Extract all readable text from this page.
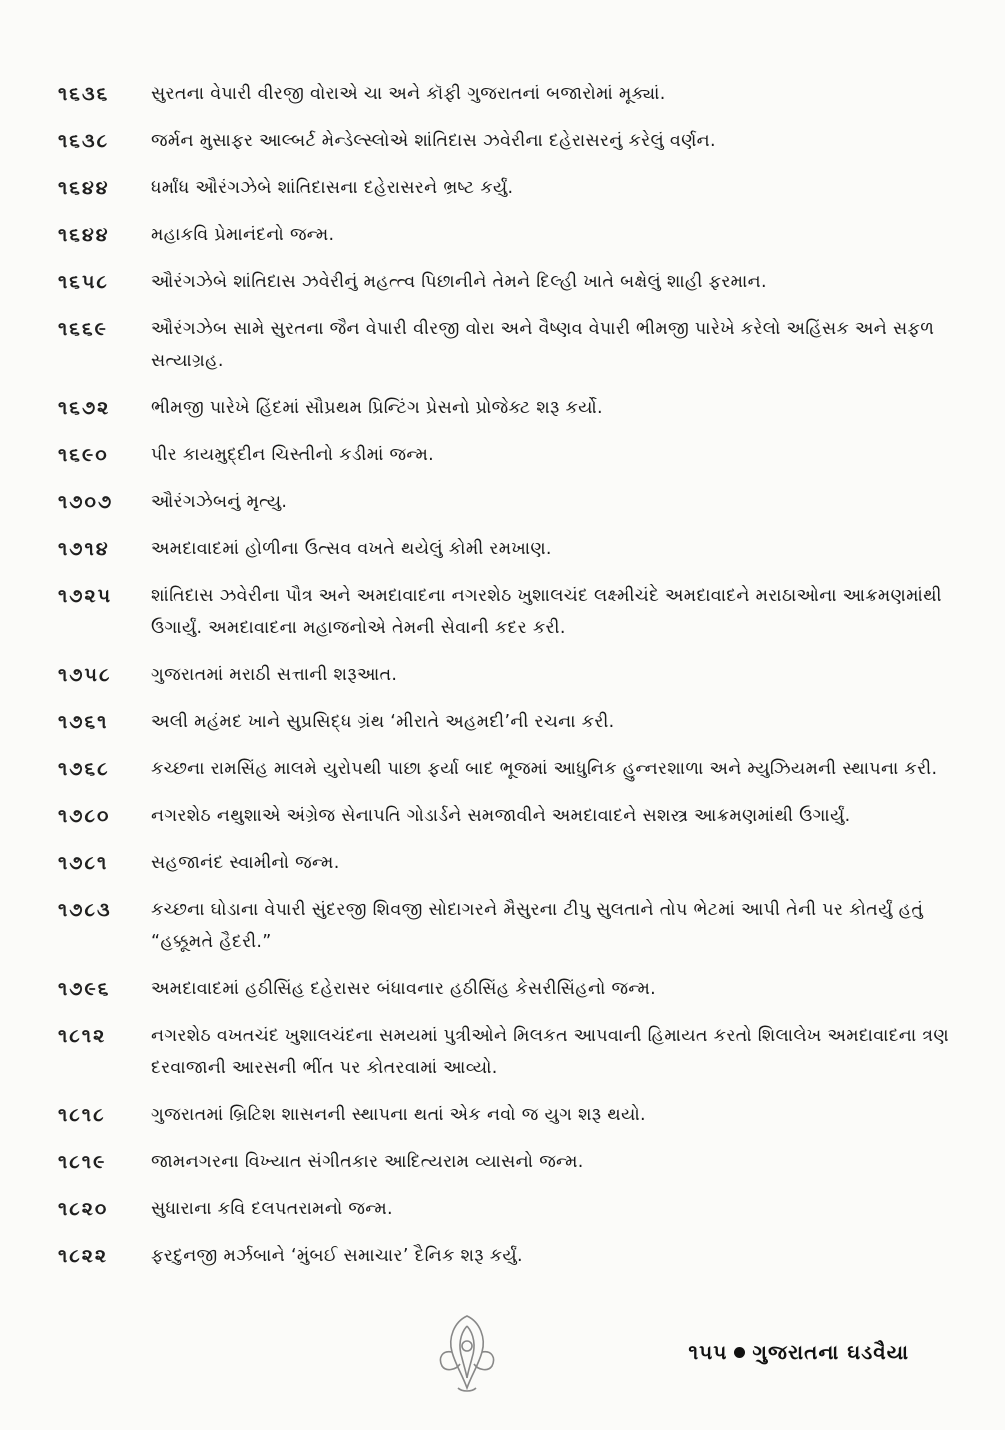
૧૬૩૬	સુરતના વેપારી વીરજી વોરાએ ચા અને કૉફી ગુજરાતનાં બજારોમાં મૂક્યાં.
૧૬૩૮	જર્મન મુસાફર આલ્બર્ટ મેન્ડેલ્સ્લોએ શાંતિદાસ ઝવેરીના દહેરાસરનું કરેલું વર્ણન.
૧૬૪૪	ધર્માંધ ઔરંગઝેબે શાંતિદાસના દહેરાસરને ભ્રષ્ટ કર્યું.
૧૬૪૪	મહાકવિ પ્રેમાનંદનો જન્મ.
૧૬૫૮	ઔરંગઝેબે શાંતિદાસ ઝવેરીનું મહત્ત્વ પિછાનીને તેમને દિલ્હી ખાતે બક્ષેલું શાહી ફરમાન.
૧૬૬૯	ઔરંગઝેબ સામે સુરતના જૈન વેપારી વીરજી વોરા અને વૈષ્ણવ વેપારી ભીમજી પારેખે કરેલો અહિંસક અને સફળ સત્યાગ્રહ.
૧૬૭૨	ભીમજી પારેખે હિંદમાં સૌપ્રથમ પ્રિન્ટિંગ પ્રેસનો પ્રોજેક્ટ શરૂ કર્યો.
૧૬૯૦	પીર કાયમુદ્દીન ચિસ્તીનો કડીમાં જન્મ.
૧૭૦૭	ઔરંગઝેબનું મૃત્યુ.
૧૭૧૪	અમદાવાદમાં હોળીના ઉત્સવ વખતે થયેલું કોમી રમખાણ.
૧૭૨૫	શાંતિદાસ ઝવેરીના પૌત્ર અને અમદાવાદના નગરશેઠ ખુશાલચંદ લક્ષ્મીચંદે અમદાવાદને મરાઠાઓના આક્રમણમાંથી ઉગાર્યું. અમદાવાદના મહાજનોએ તેમની સેવાની કદર કરી.
૧૭૫૮	ગુજરાતમાં મરાઠી સત્તાની શરૂઆત.
૧૭૬૧	અલી મહંમદ ખાને સુપ્રસિદ્ધ ગ્રંથ ‘મીરાતે અહમદી’ની રચના કરી.
૧૭૬૮	કચ્છના રામસિંહ માલમે યુરોપથી પાછા ફર્યા બાદ ભૂજમાં આધુનિક હુન્નરશાળા અને મ્યુઝિયમની સ્થાપના કરી.
૧૭૮૦	નગરશેઠ નથુશાએ અંગ્રેજ સેનાપતિ ગોડાર્ડને સમજાવીને અમદાવાદને સશસ્ત્ર આક્રમણમાંથી ઉગાર્યું.
૧૭૮૧	સહજાનંદ સ્વામીનો જન્મ.
૧૭૮૩	કચ્છના ઘોડાના વેપારી સુંદરજી શિવજી સોદાગરને મૈસુરના ટીપુ સુલતાને તોપ ભેટમાં આપી તેની પર કોતર્યું હતું “હક્કૂમતે હૈદરી.”
૧૭૯૬	અમદાવાદમાં હઠીસિંહ દહેરાસર બંધાવનાર હઠીસિંહ કેસરીસિંહનો જન્મ.
૧૮૧૨	નગરશેઠ વખતચંદ ખુશાલચંદના સમયમાં પુત્રીઓને મિલકત આપવાની હિમાયત કરતો શિલાલેખ અમદાવાદના ત્રણ દરવાજાની આરસની ભીંત પર કોતરવામાં આવ્યો.
૧૮૧૮	ગુજરાતમાં બ્રિટિશ શાસનની સ્થાપના થતાં એક નવો જ યુગ શરૂ થયો.
૧૮૧૯	જામનગરના વિખ્યાત સંગીતકાર આદિત્યરામ વ્યાસનો જન્મ.
૧૮૨૦	સુધારાના કવિ દલપતરામનો જન્મ.
૧૮૨૨	ફરદુનજી મર્ઝબાને ‘મુંબઈ સમાચાર’ દૈનિક શરૂ કર્યું.
૧૫૫ ગુજરાતના ઘડવૈયા
